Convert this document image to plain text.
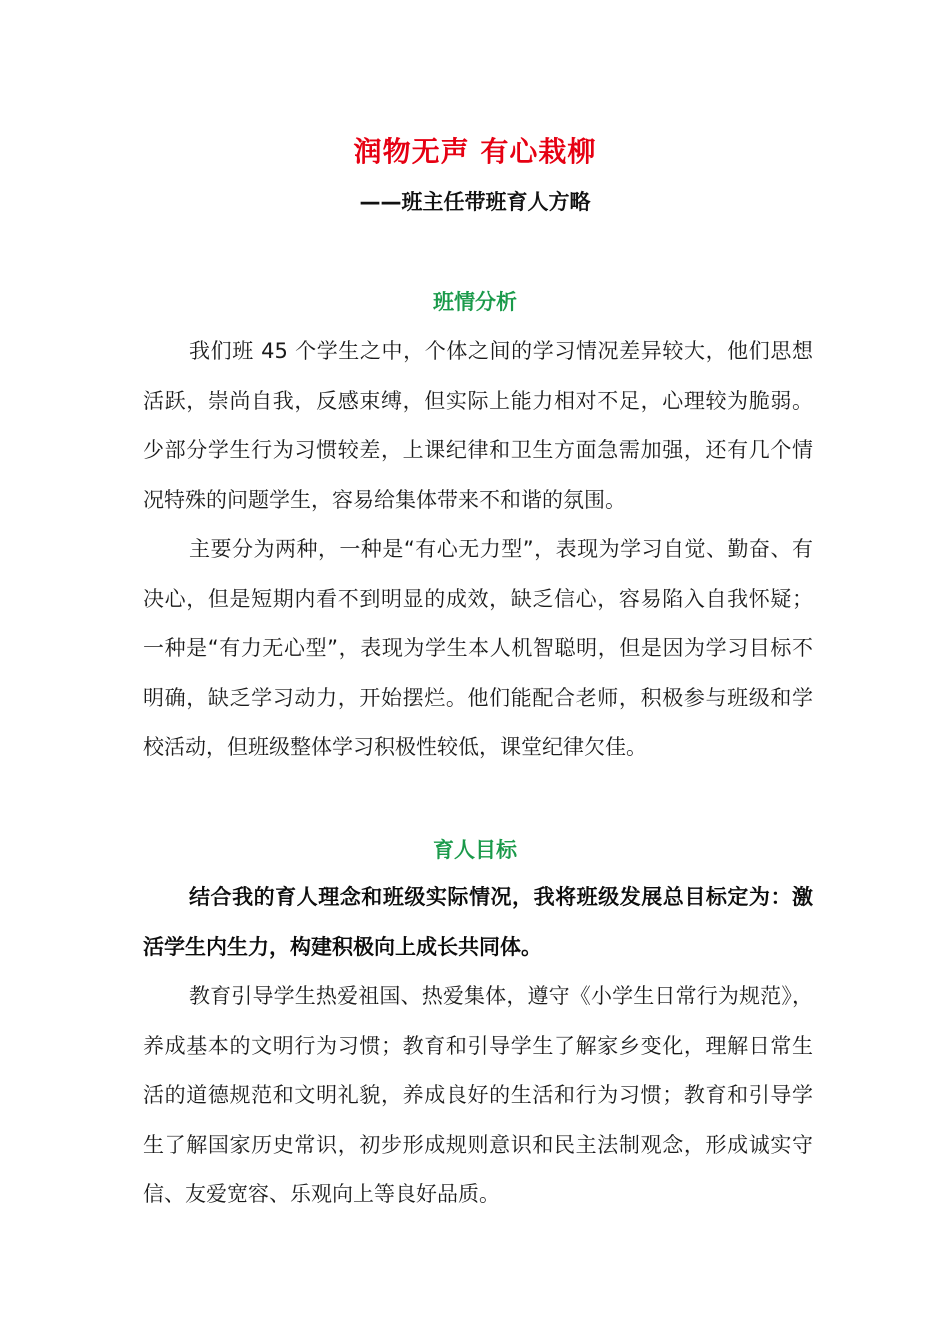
润物无声 有心栽柳
——班主任带班育人方略
班情分析

我们班 45 个学生之中，个体之间的学习情况差异较大，他们思想活跃，崇尚自我，反感束缚，但实际上能力相对不足，心理较为脆弱。少部分学生行为习惯较差，上课纪律和卫生方面急需加强，还有几个情况特殊的问题学生，容易给集体带来不和谐的氛围。

主要分为两种，一种是“有心无力型”，表现为学习自觉、勤奋、有决心，但是短期内看不到明显的成效，缺乏信心，容易陷入自我怀疑；一种是“有力无心型”，表现为学生本人机智聪明，但是因为学习目标不明确，缺乏学习动力，开始摆烂。他们能配合老师，积极参与班级和学校活动，但班级整体学习积极性较低，课堂纪律欠佳。

育人目标

结合我的育人理念和班级实际情况，我将班级发展总目标定为：激活学生内生力，构建积极向上成长共同体。

教育引导学生热爱祖国、热爱集体，遵守《小学生日常行为规范》，养成基本的文明行为习惯；教育和引导学生了解家乡变化，理解日常生活的道德规范和文明礼貌，养成良好的生活和行为习惯；教育和引导学生了解国家历史常识，初步形成规则意识和民主法制观念，形成诚实守信、友爱宽容、乐观向上等良好品质。
